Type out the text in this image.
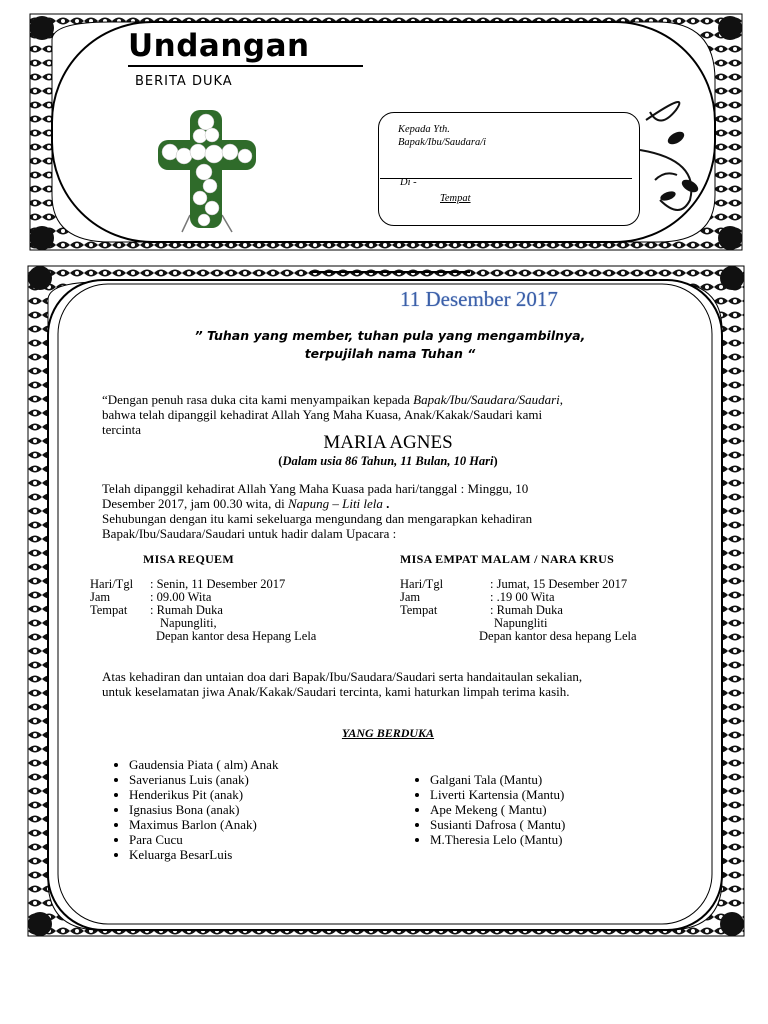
Undangan
BERITA DUKA
Kepada Yth.
Bapak/Ibu/Saudara/i
Di -
Tempat
11 Desember 2017
” Tuhan yang member, tuhan pula yang mengambilnya,
terpujilah nama Tuhan “
“Dengan penuh rasa duka cita kami menyampaikan kepada Bapak/Ibu/Saudara/Saudari,
bahwa telah dipanggil kehadirat Allah Yang Maha Kuasa, Anak/Kakak/Saudari kami
tercinta
MARIA AGNES
(Dalam usia 86 Tahun, 11 Bulan, 10 Hari)
Telah dipanggil kehadirat Allah Yang Maha Kuasa pada hari/tanggal : Minggu, 10
Desember 2017, jam 00.30 wita, di Napung – Liti lela .
Sehubungan dengan itu kami sekeluarga mengundang dan mengarapkan kehadiran
Bapak/Ibu/Saudara/Saudari untuk hadir dalam Upacara :
MISA REQUEM
Hari/Tgl : Senin, 11 Desember 2017
Jam	: 09.00 Wita
Tempat : Rumah Duka
Napungliti,
Depan kantor desa Hepang Lela
MISA EMPAT MALAM / NARA KRUS
Hari/Tgl	: Jumat, 15 Desember 2017
Jam	: .19 00 Wita
Tempat	: Rumah Duka
Napungliti
Depan kantor desa hepang Lela
Atas kehadiran dan untaian doa dari Bapak/Ibu/Saudara/Saudari serta handaitaulan sekalian,
untuk keselamatan jiwa Anak/Kakak/Saudari tercinta, kami haturkan limpah terima kasih.
YANG BERDUKA
• Gaudensia Piata ( alm) Anak
• Saverianus Luis (anak)
• Henderikus Pit (anak)
• Ignasius Bona (anak)
• Maximus Barlon (Anak)
• Para Cucu
• Keluarga BesarLuis
• Galgani Tala (Mantu)
• Liverti Kartensia (Mantu)
• Ape Mekeng ( Mantu)
• Susianti Dafrosa ( Mantu)
• M.Theresia Lelo (Mantu)
